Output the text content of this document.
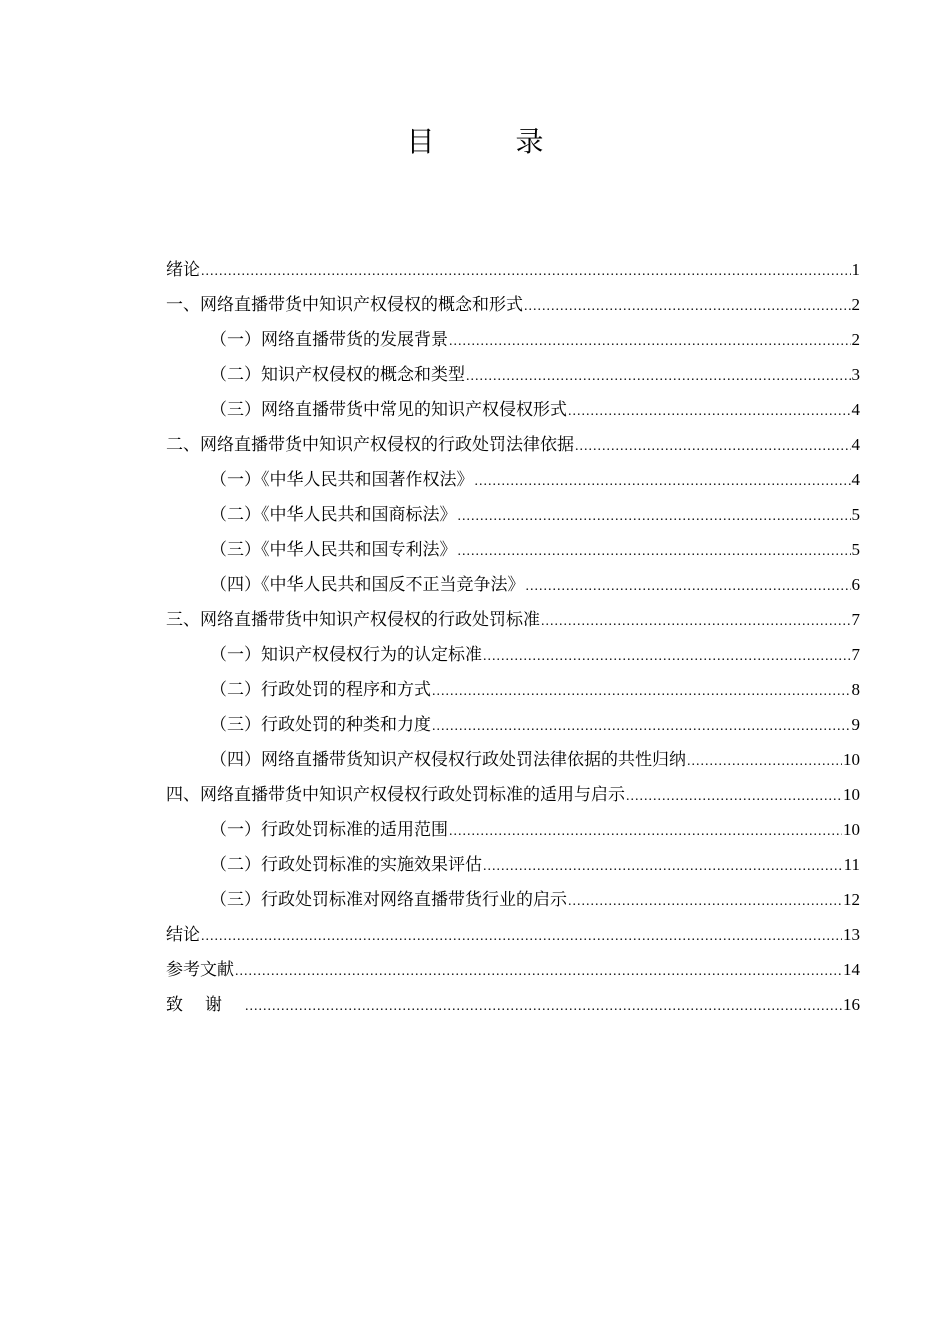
目 录
绪论 .....	1
一、网络直播带货中知识产权侵权的概念和形式 .....	2
（一）网络直播带货的发展背景 .....	2
（二）知识产权侵权的概念和类型 .....	3
（三）网络直播带货中常见的知识产权侵权形式 .....	4
二、网络直播带货中知识产权侵权的行政处罚法律依据 .....	4
（一）《中华人民共和国著作权法》 .....	4
（二）《中华人民共和国商标法》 .....	5
（三）《中华人民共和国专利法》 .....	5
（四）《中华人民共和国反不正当竞争法》 .....	6
三、网络直播带货中知识产权侵权的行政处罚标准 .....	7
（一）知识产权侵权行为的认定标准 .....	7
（二）行政处罚的程序和方式 .....	8
（三）行政处罚的种类和力度 .....	9
（四）网络直播带货知识产权侵权行政处罚法律依据的共性归纳 .....	10
四、网络直播带货中知识产权侵权行政处罚标准的适用与启示 .....	10
（一）行政处罚标准的适用范围 .....	10
（二）行政处罚标准的实施效果评估 .....	11
（三）行政处罚标准对网络直播带货行业的启示 .....	12
结论 .....	13
参考文献 .....	14
致谢 .....	16
